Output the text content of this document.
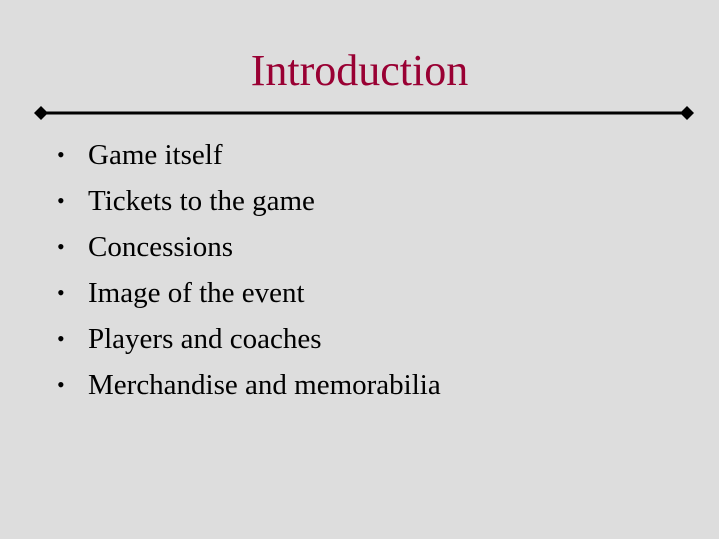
Introduction
• Game itself
• Tickets to the game
• Concessions
• Image of the event
• Players and coaches
• Merchandise and memorabilia
